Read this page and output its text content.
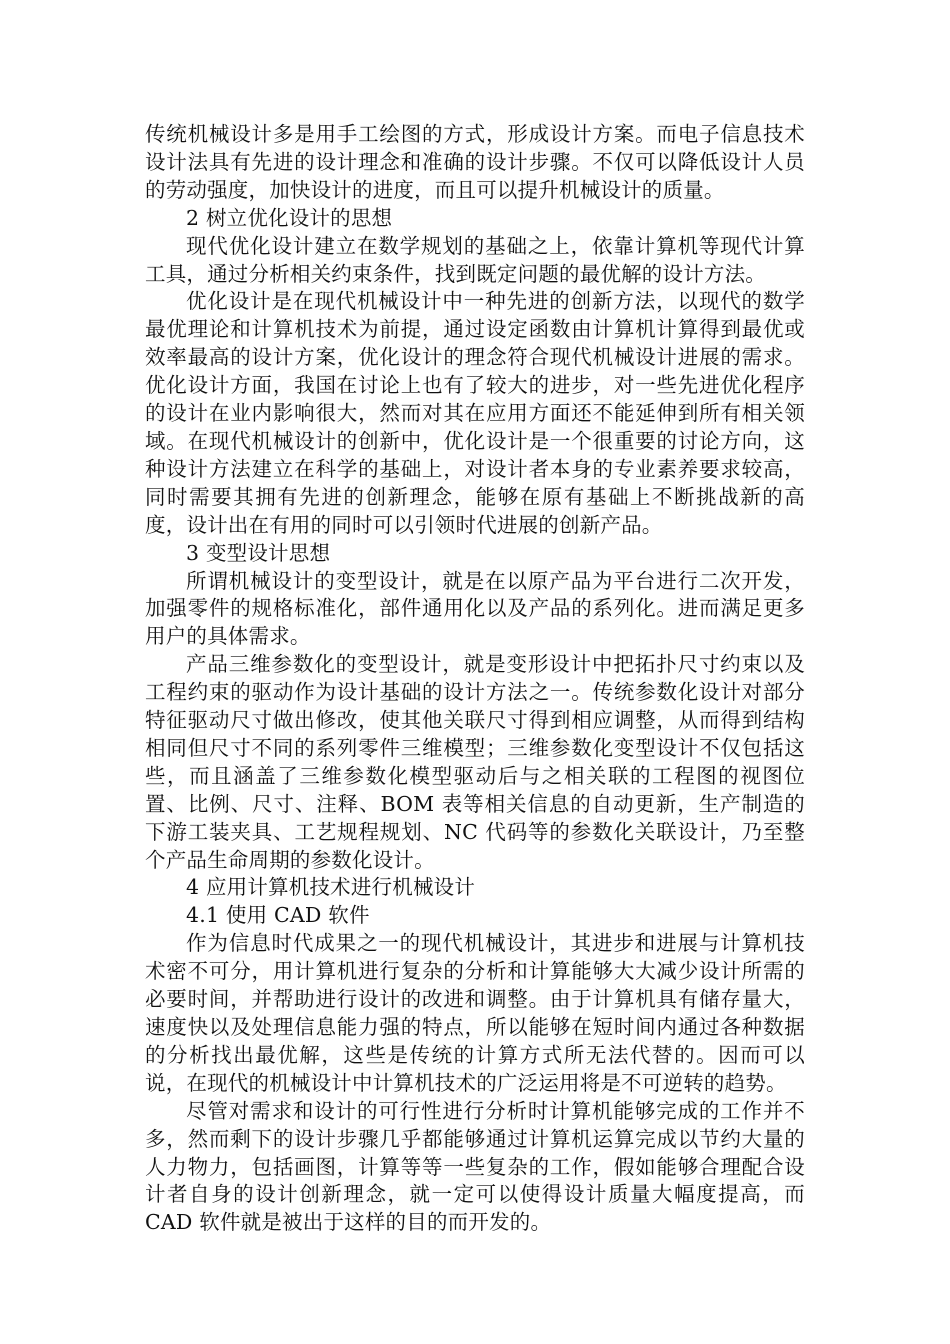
传统机械设计多是用手工绘图的方式，形成设计方案。而电子信息技术设计法具有先进的设计理念和准确的设计步骤。不仅可以降低设计人员的劳动强度，加快设计的进度，而且可以提升机械设计的质量。

2 树立优化设计的思想

现代优化设计建立在数学规划的基础之上，依靠计算机等现代计算工具，通过分析相关约束条件，找到既定问题的最优解的设计方法。

优化设计是在现代机械设计中一种先进的创新方法，以现代的数学最优理论和计算机技术为前提，通过设定函数由计算机计算得到最优或效率最高的设计方案，优化设计的理念符合现代机械设计进展的需求。优化设计方面，我国在讨论上也有了较大的进步，对一些先进优化程序的设计在业内影响很大，然而对其在应用方面还不能延伸到所有相关领域。在现代机械设计的创新中，优化设计是一个很重要的讨论方向，这种设计方法建立在科学的基础上，对设计者本身的专业素养要求较高，同时需要其拥有先进的创新理念，能够在原有基础上不断挑战新的高度，设计出在有用的同时可以引领时代进展的创新产品。

3 变型设计思想

所谓机械设计的变型设计，就是在以原产品为平台进行二次开发，加强零件的规格标准化，部件通用化以及产品的系列化。进而满足更多用户的具体需求。

产品三维参数化的变型设计，就是变形设计中把拓扑尺寸约束以及工程约束的驱动作为设计基础的设计方法之一。传统参数化设计对部分特征驱动尺寸做出修改，使其他关联尺寸得到相应调整，从而得到结构相同但尺寸不同的系列零件三维模型；三维参数化变型设计不仅包括这些，而且涵盖了三维参数化模型驱动后与之相关联的工程图的视图位置、比例、尺寸、注释、BOM 表等相关信息的自动更新，生产制造的下游工装夹具、工艺规程规划、NC 代码等的参数化关联设计，乃至整个产品生命周期的参数化设计。

4 应用计算机技术进行机械设计

4.1 使用 CAD 软件

作为信息时代成果之一的现代机械设计，其进步和进展与计算机技术密不可分，用计算机进行复杂的分析和计算能够大大减少设计所需的必要时间，并帮助进行设计的改进和调整。由于计算机具有储存量大，速度快以及处理信息能力强的特点，所以能够在短时间内通过各种数据的分析找出最优解，这些是传统的计算方式所无法代替的。因而可以说，在现代的机械设计中计算机技术的广泛运用将是不可逆转的趋势。

尽管对需求和设计的可行性进行分析时计算机能够完成的工作并不多，然而剩下的设计步骤几乎都能够通过计算机运算完成以节约大量的人力物力，包括画图，计算等等一些复杂的工作，假如能够合理配合设计者自身的设计创新理念，就一定可以使得设计质量大幅度提高，而 CAD 软件就是被出于这样的目的而开发的。
